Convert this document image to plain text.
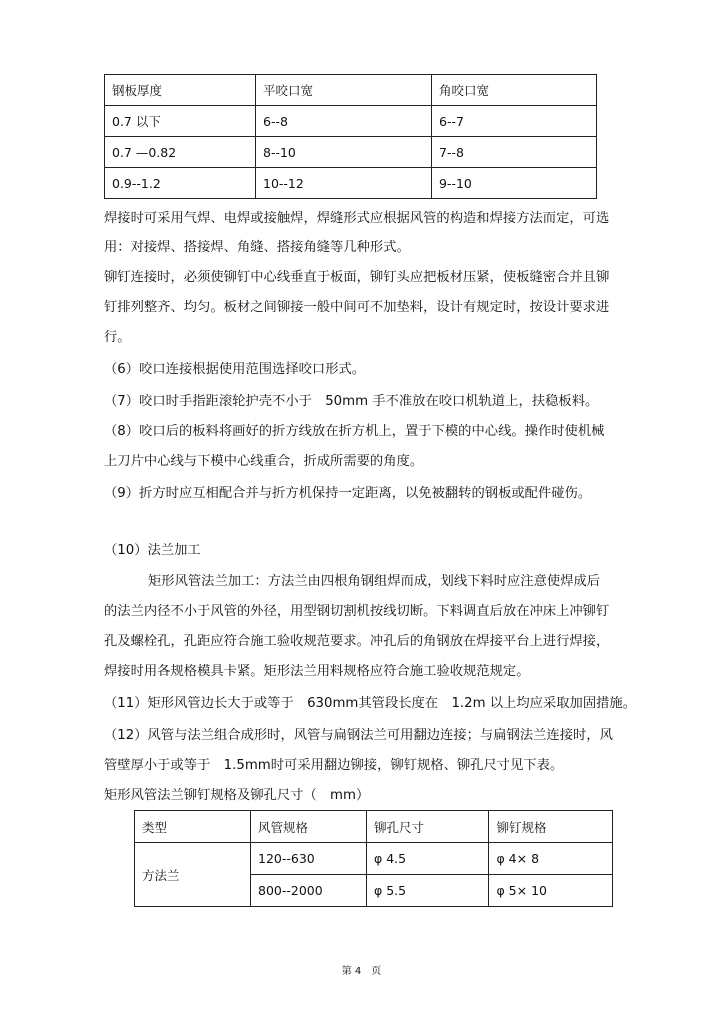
钢板厚度	平咬口宽	角咬口宽
0.7 以下	6--8	6--7
0.7 —0.82	8--10	7--8
0.9--1.2	10--12	9--10
焊接时可采用气焊、电焊或接触焊，焊缝形式应根据风管的构造和焊接方法而定，可选
用：对接焊、搭接焊、角缝、搭接角缝等几种形式。
铆钉连接时，必须使铆钉中心线垂直于板面，铆钉头应把板材压紧，使板缝密合并且铆
钉排列整齐、均匀。板材之间铆接一般中间可不加垫料，设计有规定时，按设计要求进
行。
（6）咬口连接根据使用范围选择咬口形式。
（7）咬口时手指距滚轮护壳不小于　50mm 手不准放在咬口机轨道上，扶稳板料。
（8）咬口后的板料将画好的折方线放在折方机上，置于下模的中心线。操作时使机械
上刀片中心线与下模中心线重合，折成所需要的角度。
（9）折方时应互相配合并与折方机保持一定距离，以免被翻转的钢板或配件碰伤。
（10）法兰加工
矩形风管法兰加工：方法兰由四根角钢组焊而成，划线下料时应注意使焊成后
的法兰内径不小于风管的外径，用型钢切割机按线切断。下料调直后放在冲床上冲铆钉
孔及螺栓孔，孔距应符合施工验收规范要求。冲孔后的角钢放在焊接平台上进行焊接，
焊接时用各规格模具卡紧。矩形法兰用料规格应符合施工验收规范规定。
（11）矩形风管边长大于或等于　630mm其管段长度在　1.2m 以上均应采取加固措施。
（12）风管与法兰组合成形时，风管与扁钢法兰可用翻边连接；与扁钢法兰连接时，风
管壁厚小于或等于　1.5mm时可采用翻边铆接，铆钉规格、铆孔尺寸见下表。
矩形风管法兰铆钉规格及铆孔尺寸（　mm）
类型	风管规格	铆孔尺寸	铆钉规格
方法兰	120--630	φ 4.5	φ 4× 8
	800--2000	φ 5.5	φ 5× 10
第 4　页
